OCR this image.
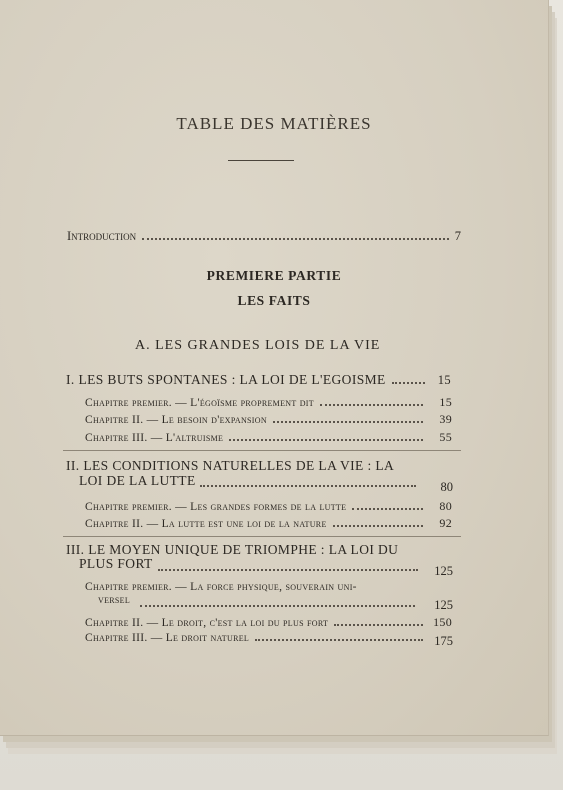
TABLE DES MATIÈRES
Introduction	7
PREMIERE PARTIE
LES FAITS
A. LES GRANDES LOIS DE LA VIE
I. LES BUTS SPONTANES : LA LOI DE L'EGOISME	15
Chapitre premier. — L'égoïsme proprement dit	15
Chapitre II. — Le besoin d'expansion	39
Chapitre III. — L'altruisme	55
II. LES CONDITIONS NATURELLES DE LA VIE : LA
LOI DE LA LUTTE	80
Chapitre premier. — Les grandes formes de la lutte	80
Chapitre II. — La lutte est une loi de la nature	92
III. LE MOYEN UNIQUE DE TRIOMPHE : LA LOI DU
PLUS FORT	125
Chapitre premier. — La force physique, souverain uni-
versel	125
Chapitre II. — Le droit, c'est la loi du plus fort	150
Chapitre III. — Le droit naturel	175
